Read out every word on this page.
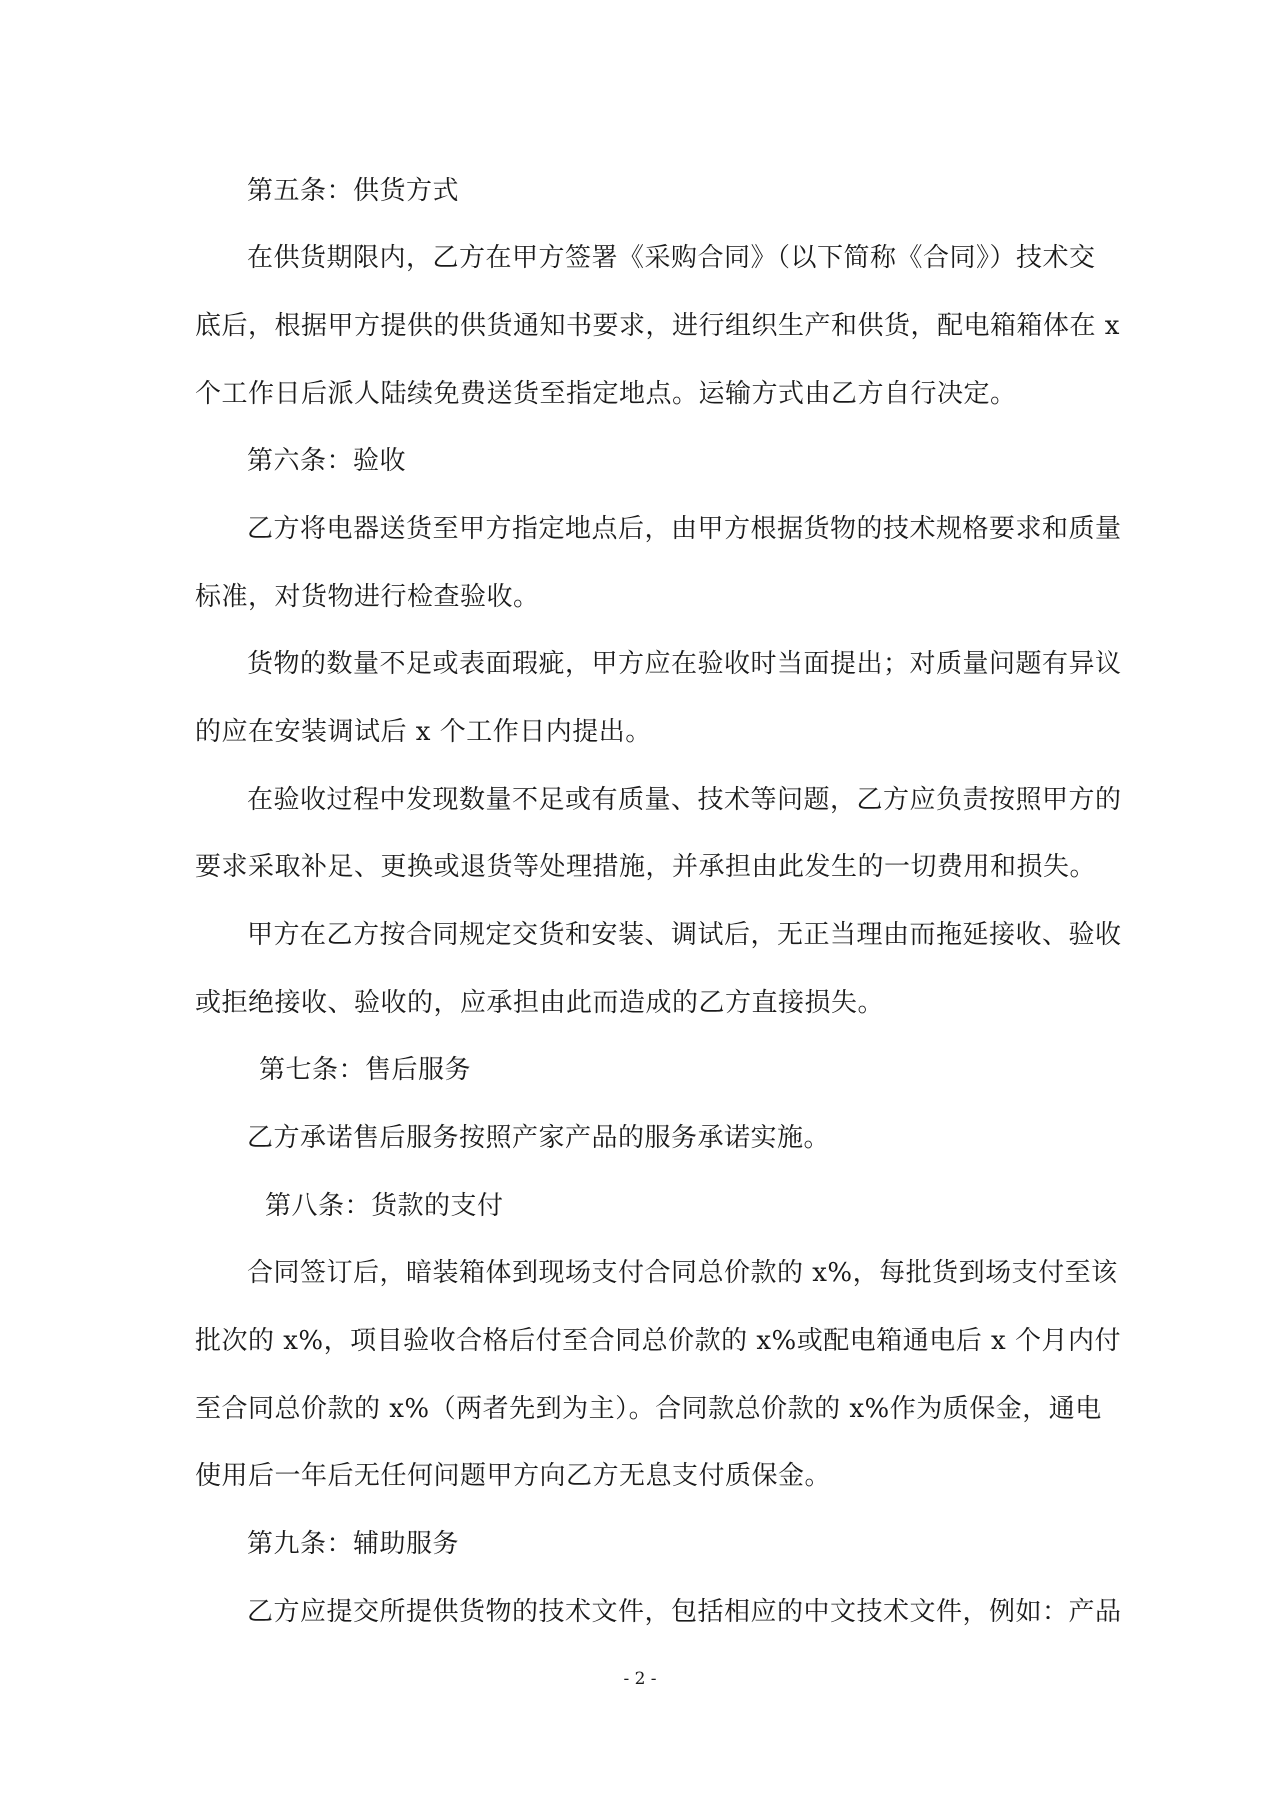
第五条：供货方式
在供货期限内，乙方在甲方签署《采购合同》（以下简称《合同》）技术交
底后，根据甲方提供的供货通知书要求，进行组织生产和供货，配电箱箱体在 x
个工作日后派人陆续免费送货至指定地点。运输方式由乙方自行决定。
第六条：验收
乙方将电器送货至甲方指定地点后，由甲方根据货物的技术规格要求和质量
标准，对货物进行检查验收。
货物的数量不足或表面瑕疵，甲方应在验收时当面提出；对质量问题有异议
的应在安装调试后 x 个工作日内提出。
在验收过程中发现数量不足或有质量、技术等问题，乙方应负责按照甲方的
要求采取补足、更换或退货等处理措施，并承担由此发生的一切费用和损失。
甲方在乙方按合同规定交货和安装、调试后，无正当理由而拖延接收、验收
或拒绝接收、验收的，应承担由此而造成的乙方直接损失。
第七条：售后服务
乙方承诺售后服务按照产家产品的服务承诺实施。
第八条：货款的支付
合同签订后，暗装箱体到现场支付合同总价款的 x%，每批货到场支付至该
批次的 x%，项目验收合格后付至合同总价款的 x%或配电箱通电后 x 个月内付
至合同总价款的 x%（两者先到为主）。合同款总价款的 x%作为质保金，通电
使用后一年后无任何问题甲方向乙方无息支付质保金。
第九条：辅助服务
乙方应提交所提供货物的技术文件，包括相应的中文技术文件，例如：产品
- 2 -
